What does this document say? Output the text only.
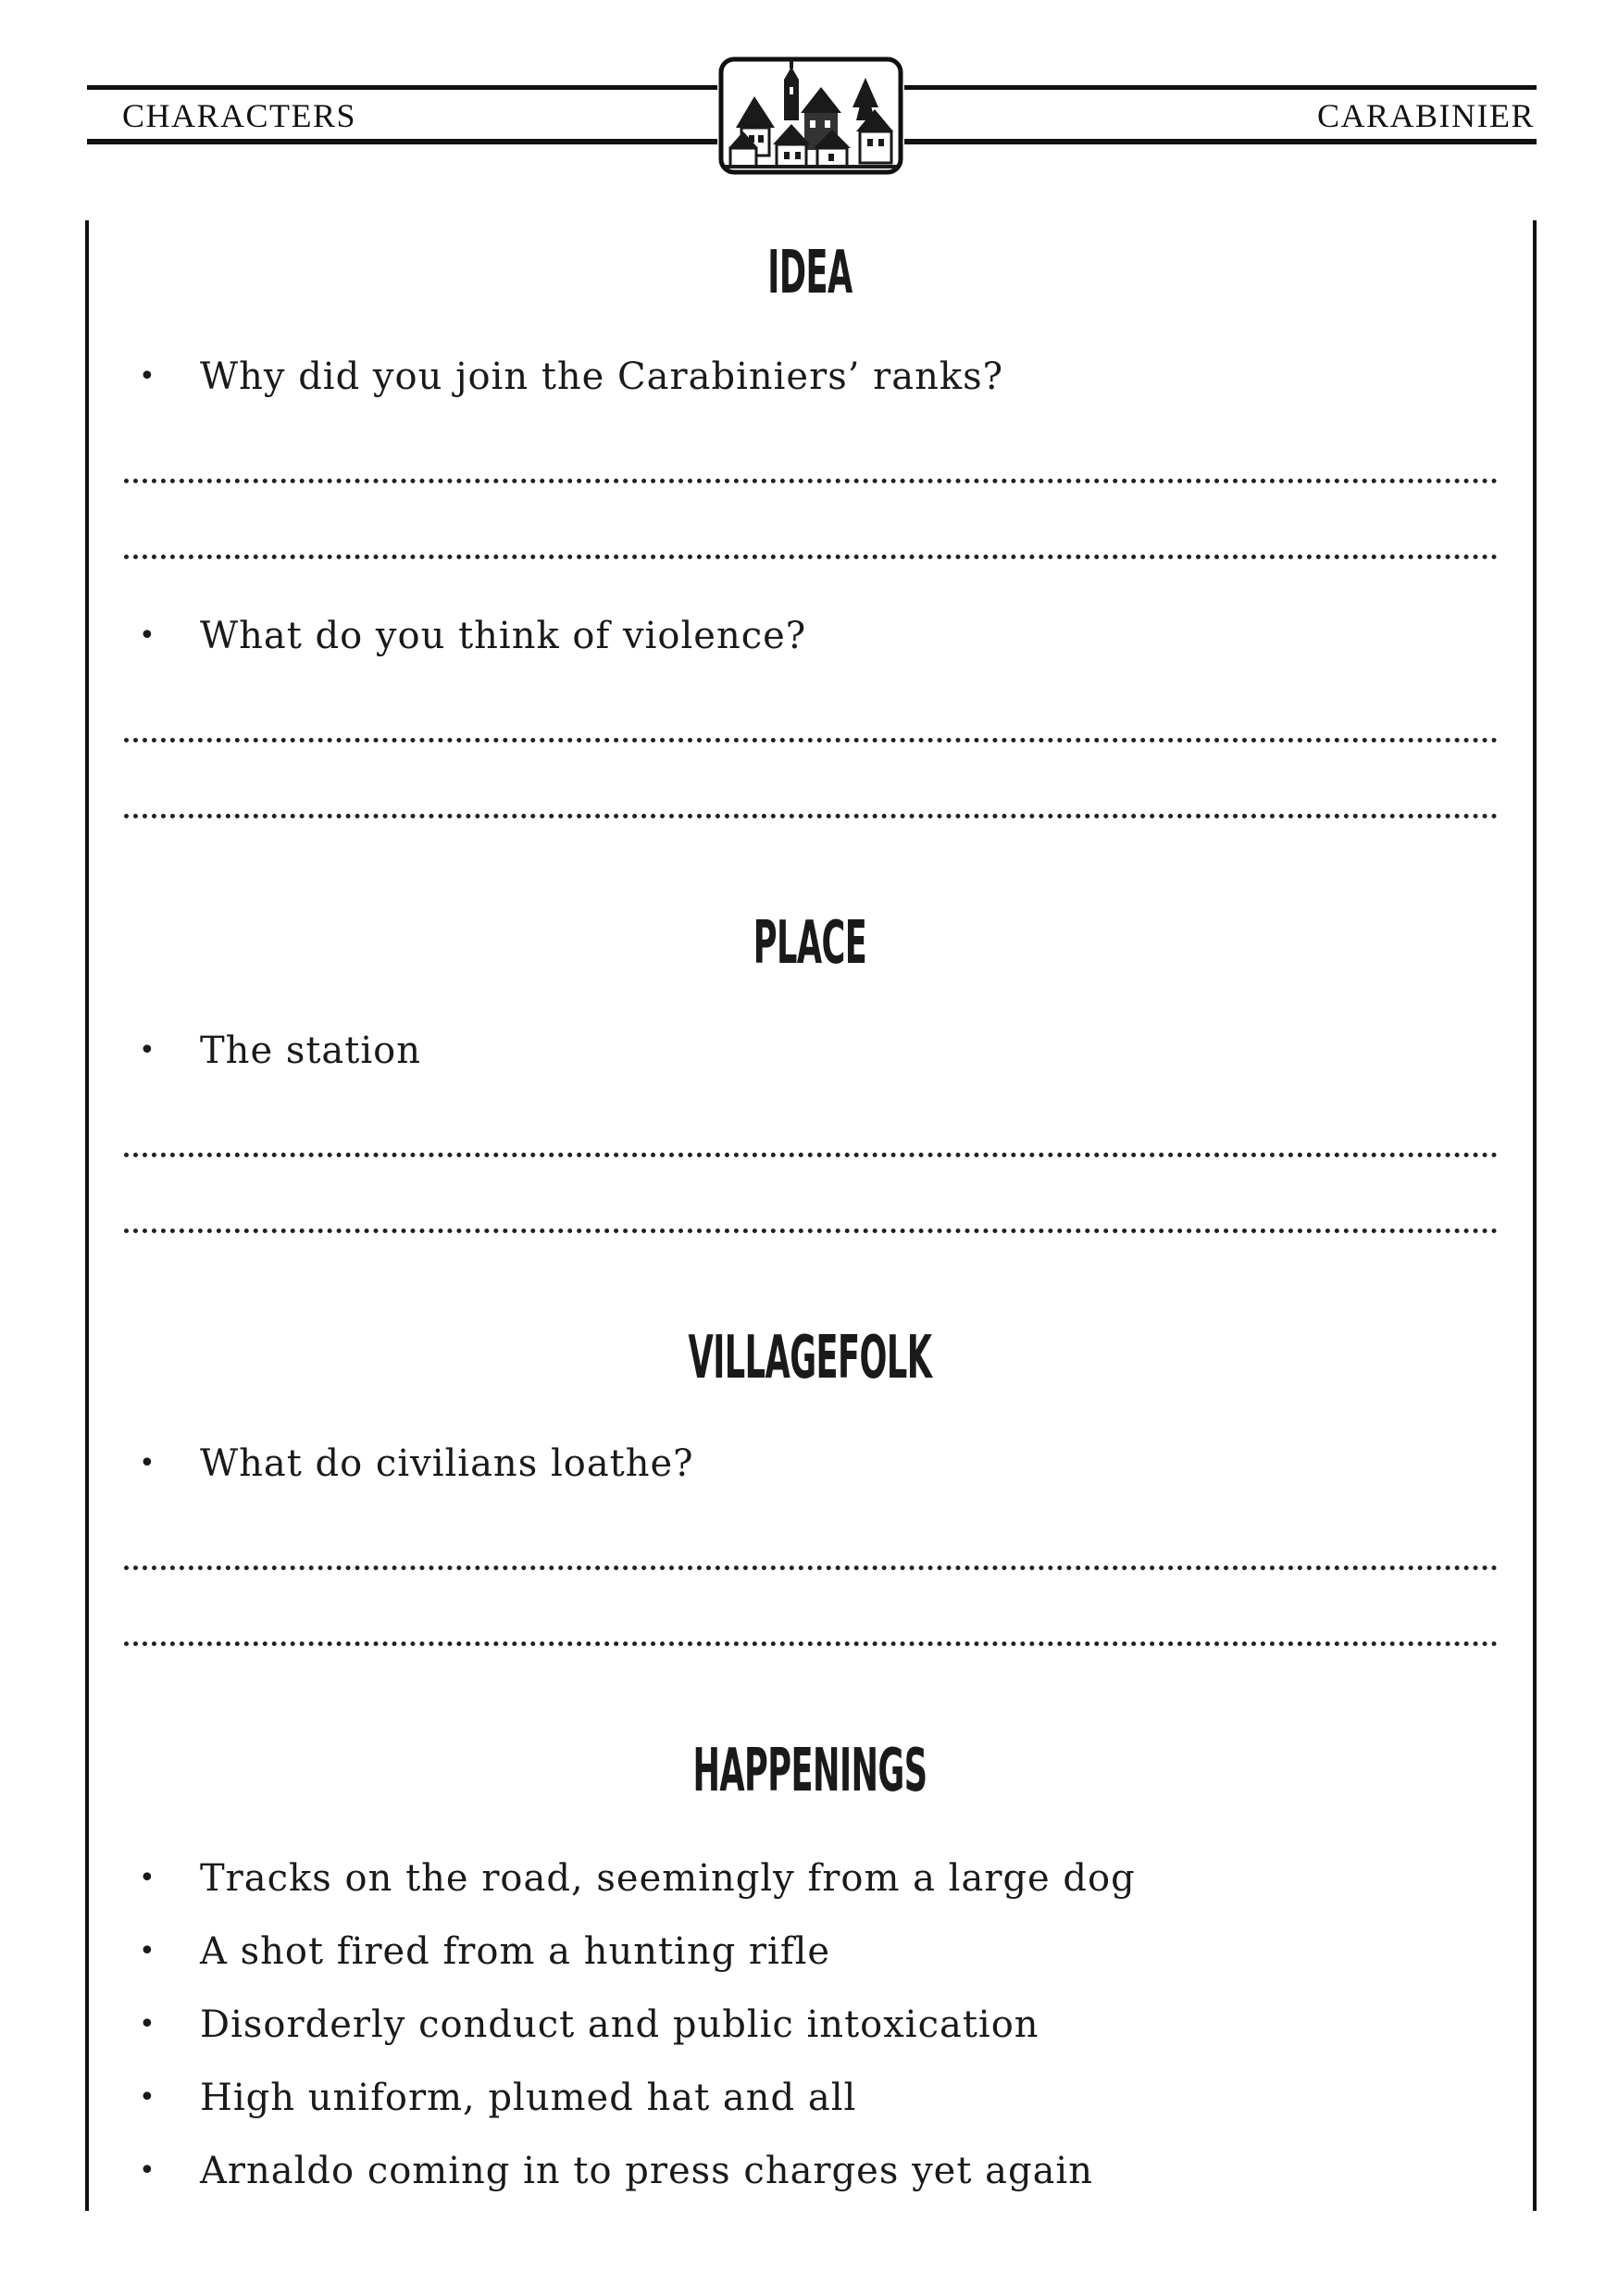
CHARACTERS	CARABINIER
IDEA
• Why did you join the Carabiniers’ ranks?
• What do you think of violence?
PLACE
• The station
VILLAGEFOLK
• What do civilians loathe?
HAPPENINGS
• Tracks on the road, seemingly from a large dog
• A shot fired from a hunting rifle
• Disorderly conduct and public intoxication
• High uniform, plumed hat and all
• Arnaldo coming in to press charges yet again
